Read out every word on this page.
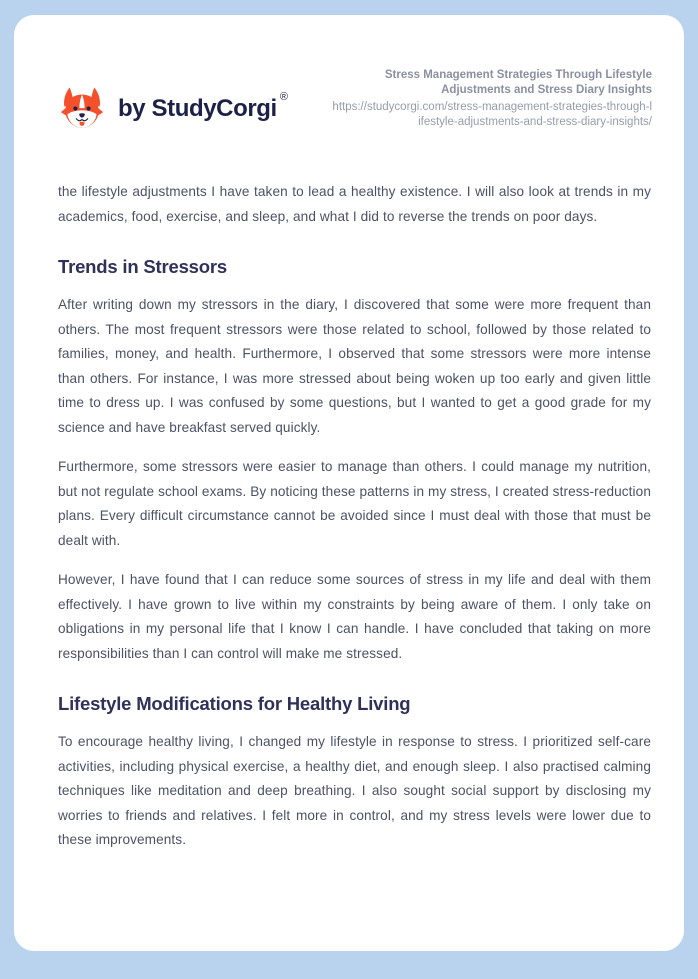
by StudyCorgi ®
Stress Management Strategies Through Lifestyle Adjustments and Stress Diary Insights
https://studycorgi.com/stress-management-strategies-through-lifestyle-adjustments-and-stress-diary-insights/

the lifestyle adjustments I have taken to lead a healthy existence. I will also look at trends in my academics, food, exercise, and sleep, and what I did to reverse the trends on poor days.

Trends in Stressors

After writing down my stressors in the diary, I discovered that some were more frequent than others. The most frequent stressors were those related to school, followed by those related to families, money, and health. Furthermore, I observed that some stressors were more intense than others. For instance, I was more stressed about being woken up too early and given little time to dress up. I was confused by some questions, but I wanted to get a good grade for my science and have breakfast served quickly.

Furthermore, some stressors were easier to manage than others. I could manage my nutrition, but not regulate school exams. By noticing these patterns in my stress, I created stress-reduction plans. Every difficult circumstance cannot be avoided since I must deal with those that must be dealt with.

However, I have found that I can reduce some sources of stress in my life and deal with them effectively. I have grown to live within my constraints by being aware of them. I only take on obligations in my personal life that I know I can handle. I have concluded that taking on more responsibilities than I can control will make me stressed.

Lifestyle Modifications for Healthy Living

To encourage healthy living, I changed my lifestyle in response to stress. I prioritized self-care activities, including physical exercise, a healthy diet, and enough sleep. I also practised calming techniques like meditation and deep breathing. I also sought social support by disclosing my worries to friends and relatives. I felt more in control, and my stress levels were lower due to these improvements.
